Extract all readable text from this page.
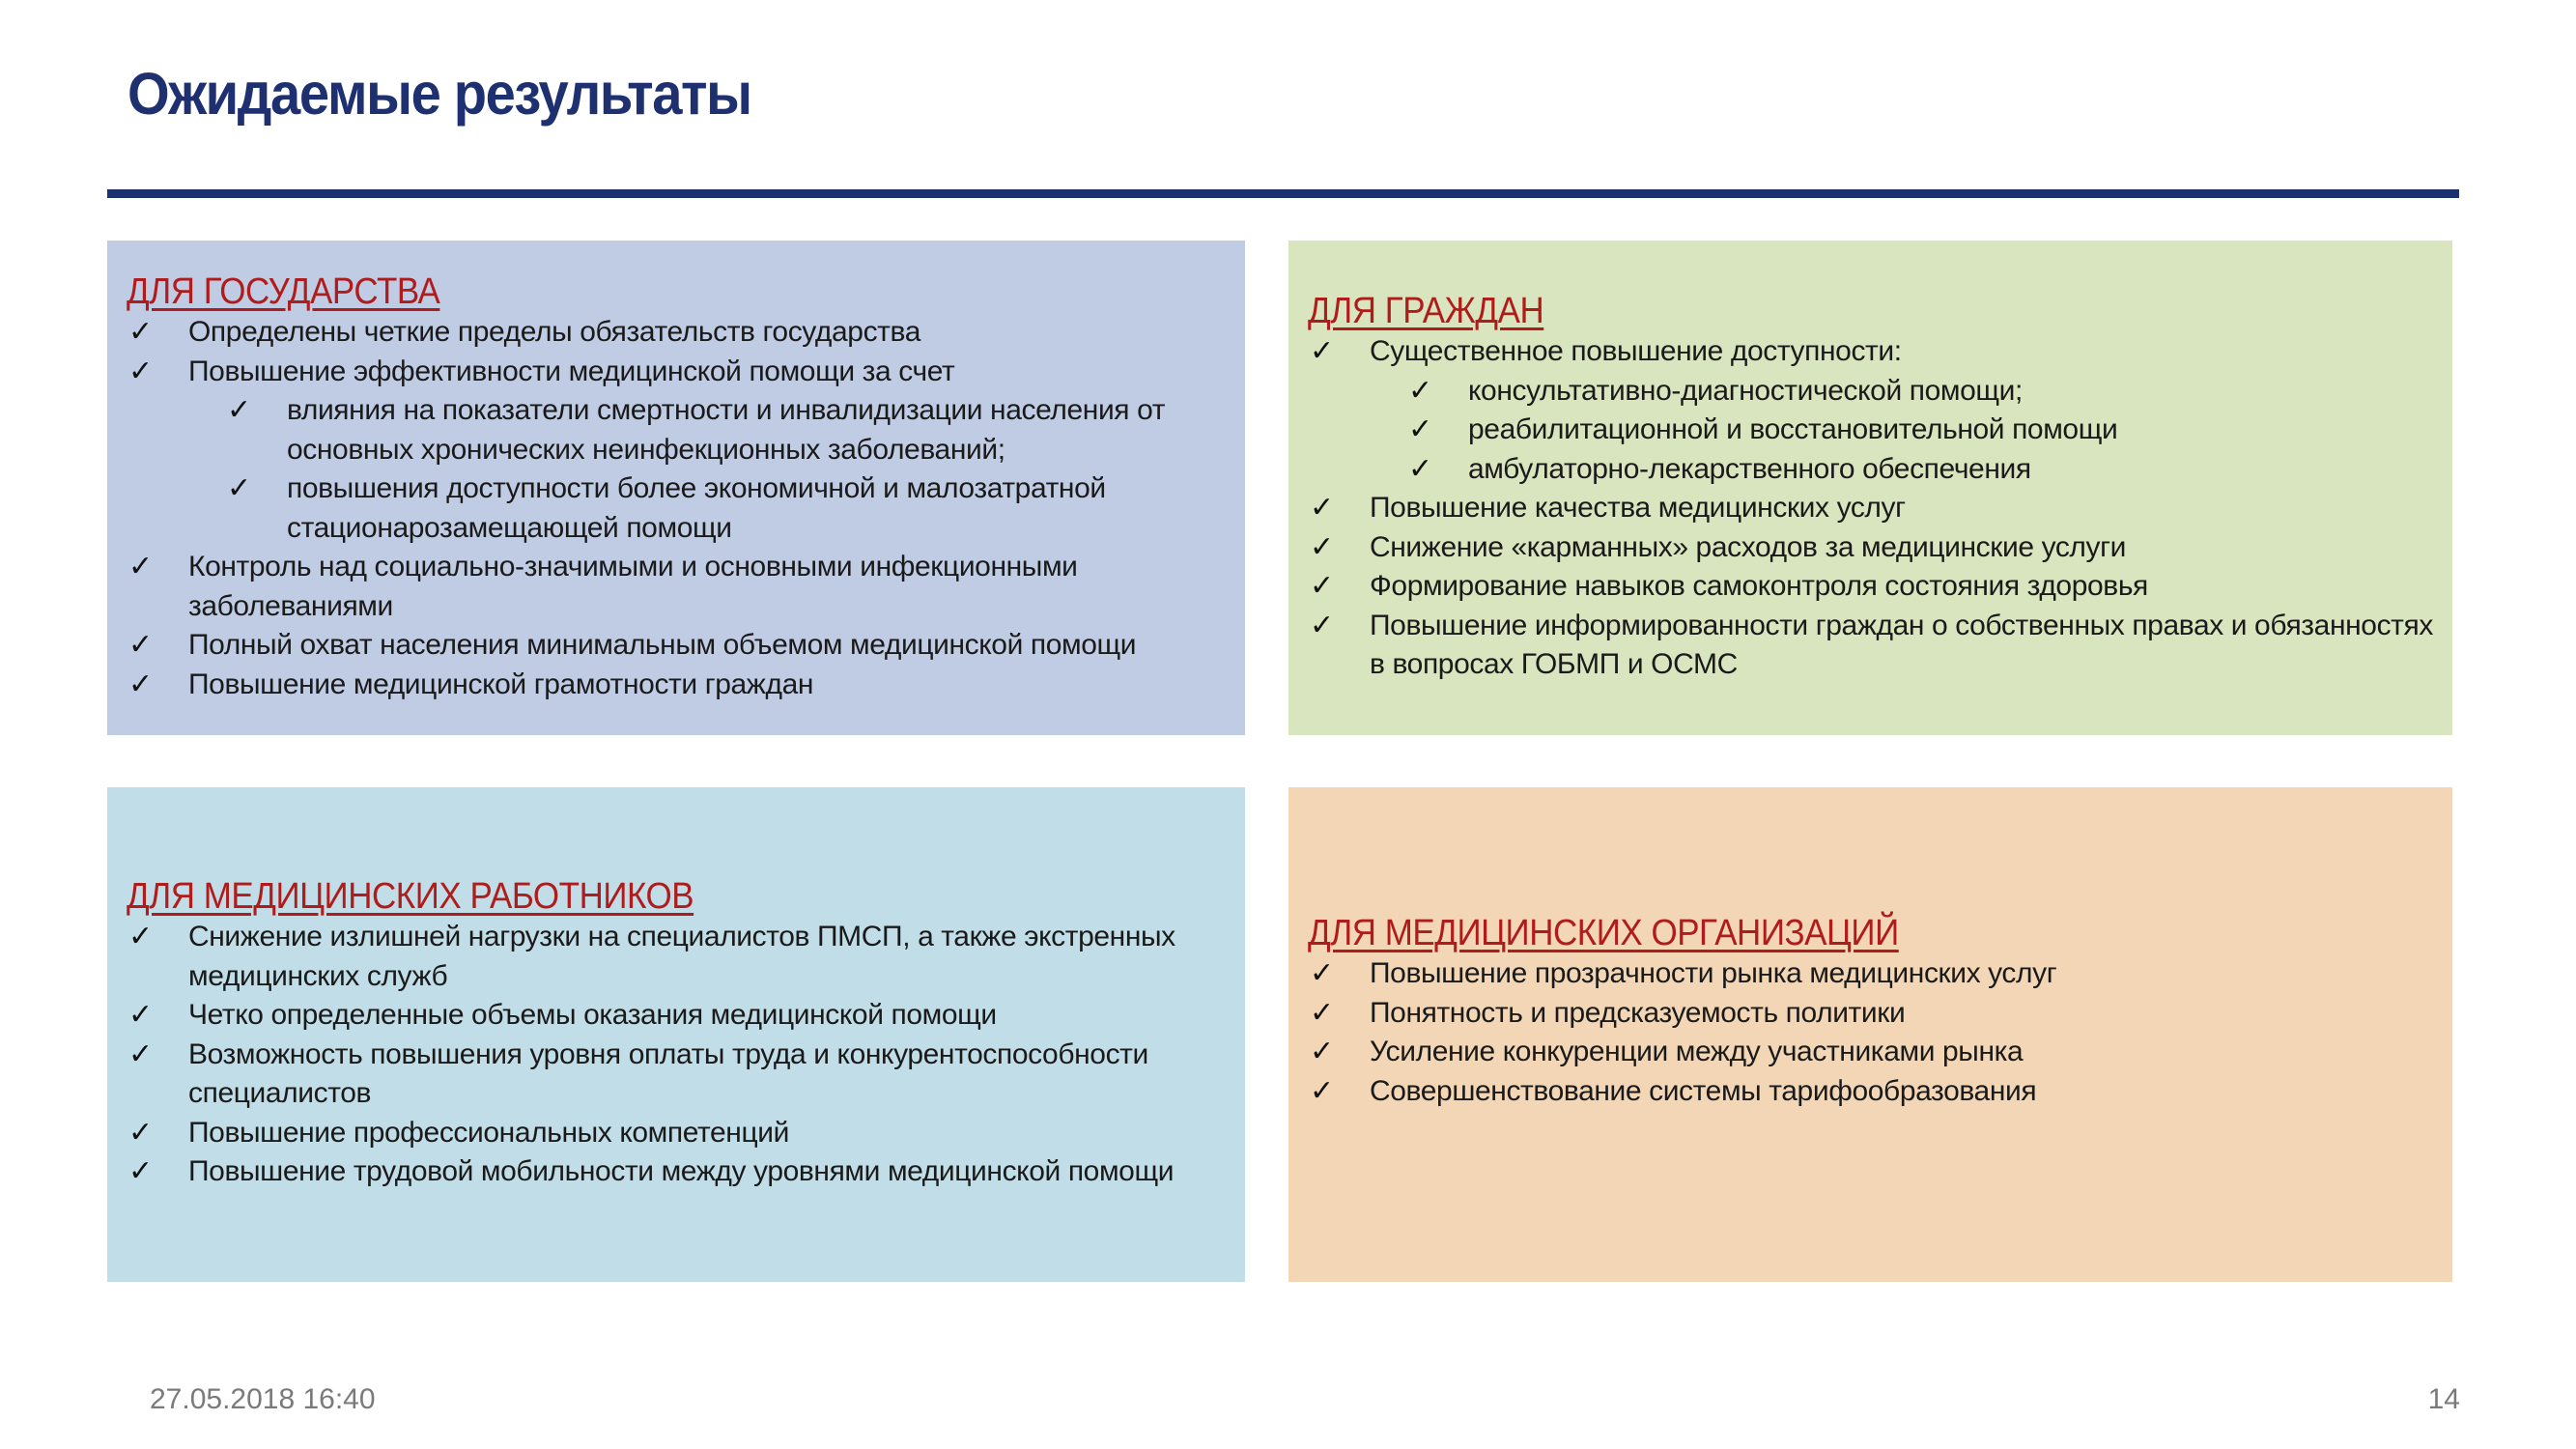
Ожидаемые результаты
ДЛЯ ГОСУДАРСТВА
✓ Определены четкие пределы обязательств государства
✓ Повышение эффективности медицинской помощи за счет
✓ влияния на показатели смертности и инвалидизации населения от основных хронических неинфекционных заболеваний;
✓ повышения доступности более экономичной и малозатратной стационарозамещающей помощи
✓ Контроль над социально-значимыми и основными инфекционными заболеваниями
✓ Полный охват населения минимальным объемом медицинской помощи
✓ Повышение медицинской грамотности граждан
ДЛЯ ГРАЖДАН
✓ Существенное повышение доступности:
✓ консультативно-диагностической помощи;
✓ реабилитационной и восстановительной помощи
✓ амбулаторно-лекарственного обеспечения
✓ Повышение качества медицинских услуг
✓ Снижение «карманных» расходов за медицинские услуги
✓ Формирование навыков самоконтроля состояния здоровья
✓ Повышение информированности граждан о собственных правах и обязанностях в вопросах ГОБМП и ОСМС
ДЛЯ МЕДИЦИНСКИХ РАБОТНИКОВ
✓ Снижение излишней нагрузки на специалистов ПМСП, а также экстренных медицинских служб
✓ Четко определенные объемы оказания медицинской помощи
✓ Возможность повышения уровня оплаты труда и конкурентоспособности специалистов
✓ Повышение профессиональных компетенций
✓ Повышение трудовой мобильности между уровнями медицинской помощи
ДЛЯ МЕДИЦИНСКИХ ОРГАНИЗАЦИЙ
✓ Повышение прозрачности рынка медицинских услуг
✓ Понятность и предсказуемость политики
✓ Усиление конкуренции между участниками рынка
✓ Совершенствование системы тарифообразования
27.05.2018 16:40	14
